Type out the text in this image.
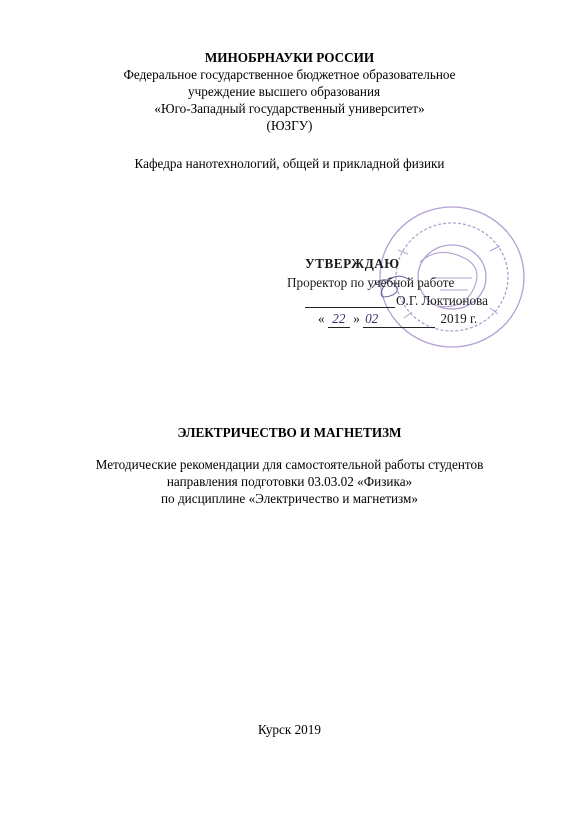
МИНОБРНАУКИ РОССИИ
Федеральное государственное бюджетное образовательное
учреждение высшего образования
«Юго-Западный государственный университет»
(ЮЗГУ)
Кафедра нанотехнологий, общей и прикладной физики
УТВЕРЖДАЮ
Проректор по учебной работе
О.Г. Локтионова
« 22 » 02	2019 г.
ЭЛЕКТРИЧЕСТВО И МАГНЕТИЗМ
Методические рекомендации для самостоятельной работы студентов
направления подготовки 03.03.02 «Физика»
по дисциплине «Электричество и магнетизм»
Курск 2019
